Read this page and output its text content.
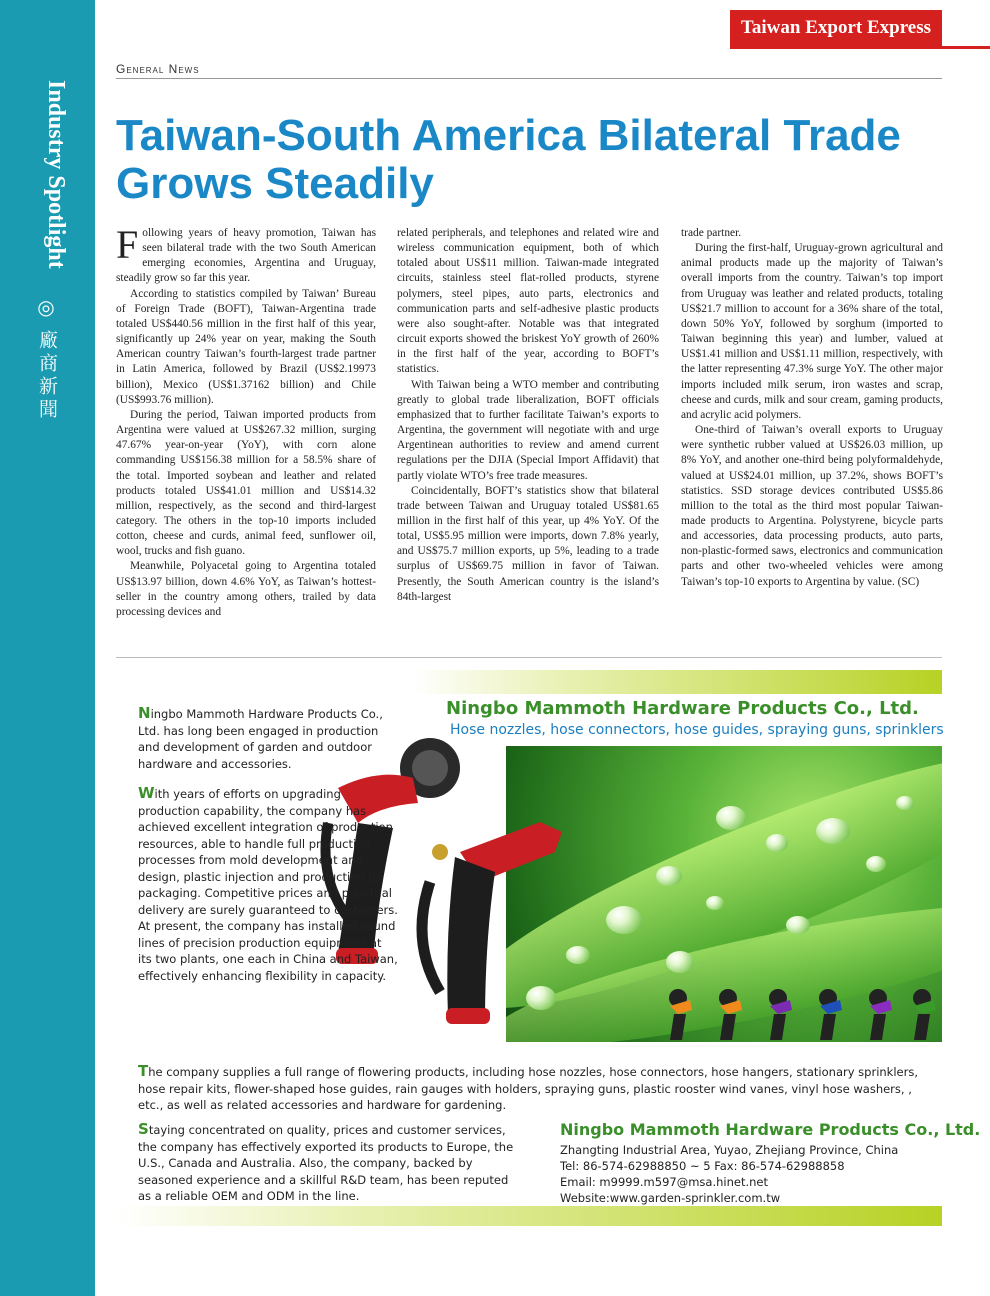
Industry Spotlight
◎
廠商新聞
Taiwan Export Express
General News
Taiwan-South America Bilateral Trade Grows Steadily

Following years of heavy promotion, Taiwan has seen bilateral trade with the two South American emerging economies, Argentina and Uruguay, steadily grow so far this year.

According to statistics compiled by Taiwan’ Bureau of Foreign Trade (BOFT), Taiwan-Argentina trade totaled US$440.56 million in the first half of this year, significantly up 24% year on year, making the South American country Taiwan’s fourth-largest trade partner in Latin America, followed by Brazil (US$2.19973 billion), Mexico (US$1.37162 billion) and Chile (US$993.76 million).

During the period, Taiwan imported products from Argentina were valued at US$267.32 million, surging 47.67% year-on-year (YoY), with corn alone commanding US$156.38 million for a 58.5% share of the total. Imported soybean and leather and related products totaled US$41.01 million and US$14.32 million, respectively, as the second and third-largest category. The others in the top-10 imports included cotton, cheese and curds, animal feed, sunflower oil, wool, trucks and fish guano.

Meanwhile, Polyacetal going to Argentina totaled US$13.97 billion, down 4.6% YoY, as Taiwan’s hottest-seller in the country among others, trailed by data processing devices and

related peripherals, and telephones and related wire and wireless communication equipment, both of which totaled about US$11 million. Taiwan-made integrated circuits, stainless steel flat-rolled products, styrene polymers, steel pipes, auto parts, electronics and communication parts and self-adhesive plastic products were also sought-after. Notable was that integrated circuit exports showed the briskest YoY growth of 260% in the first half of the year, according to BOFT’s statistics.

With Taiwan being a WTO member and contributing greatly to global trade liberalization, BOFT officials emphasized that to further facilitate Taiwan’s exports to Argentina, the government will negotiate with and urge Argentinean authorities to review and amend current regulations per the DJIA (Special Import Affidavit) that partly violate WTO’s free trade measures.

Coincidentally, BOFT’s statistics show that bilateral trade between Taiwan and Uruguay totaled US$81.65 million in the first half of this year, up 4% YoY. Of the total, US$5.95 million were imports, down 7.8% yearly, and US$75.7 million exports, up 5%, leading to a trade surplus of US$69.75 million in favor of Taiwan. Presently, the South American country is the island’s 84th-largest

trade partner.

During the first-half, Uruguay-grown agricultural and animal products made up the majority of Taiwan’s overall imports from the country. Taiwan’s top import from Uruguay was leather and related products, totaling US$21.7 million to account for a 36% share of the total, down 50% YoY, followed by sorghum (imported to Taiwan beginning this year) and lumber, valued at US$1.41 million and US$1.11 million, respectively, with the latter representing 47.3% surge YoY. The other major imports included milk serum, iron wastes and scrap, cheese and curds, milk and sour cream, gaming products, and acrylic acid polymers.

One-third of Taiwan’s overall exports to Uruguay were synthetic rubber valued at US$26.03 million, up 8% YoY, and another one-third being polyformaldehyde, valued at US$24.01 million, up 37.2%, shows BOFT’s statistics. SSD storage devices contributed US$5.86 million to the total as the third most popular Taiwan-made products to Argentina. Polystyrene, bicycle parts and accessories, data processing products, auto parts, non-plastic-formed saws, electronics and communication parts and other two-wheeled vehicles were among Taiwan’s top-10 exports to Argentina by value. (SC)

Ningbo Mammoth Hardware Products Co., Ltd.
Hose nozzles, hose connectors, hose guides, spraying guns, sprinklers

Ningbo Mammoth Hardware Products Co., Ltd. has long been engaged in production and development of garden and outdoor hardware and accessories.

With years of efforts on upgrading production capability, the company has achieved excellent integration of production resources, able to handle full production processes from mold development and design, plastic injection and production to packaging. Competitive prices and punctual delivery are surely guaranteed to customers. At present, the company has installed sound lines of precision production equipment at its two plants, one each in China and Taiwan, effectively enhancing flexibility in capacity.

The company supplies a full range of flowering products, including hose nozzles, hose connectors, hose hangers, stationary sprinklers, hose repair kits, flower-shaped hose guides, rain gauges with holders, spraying guns, plastic rooster wind vanes, vinyl hose washers, , etc., as well as related accessories and hardware for gardening.

Staying concentrated on quality, prices and customer services, the company has effectively exported its products to Europe, the U.S., Canada and Australia. Also, the company, backed by seasoned experience and a skillful R&D team, has been reputed as a reliable OEM and ODM in the line.

Ningbo Mammoth Hardware Products Co., Ltd.
Zhangting Industrial Area, Yuyao, Zhejiang Province, China
Tel: 86-574-62988850 ~ 5 Fax: 86-574-62988858
Email: m9999.m597@msa.hinet.net
Website:www.garden-sprinkler.com.tw
